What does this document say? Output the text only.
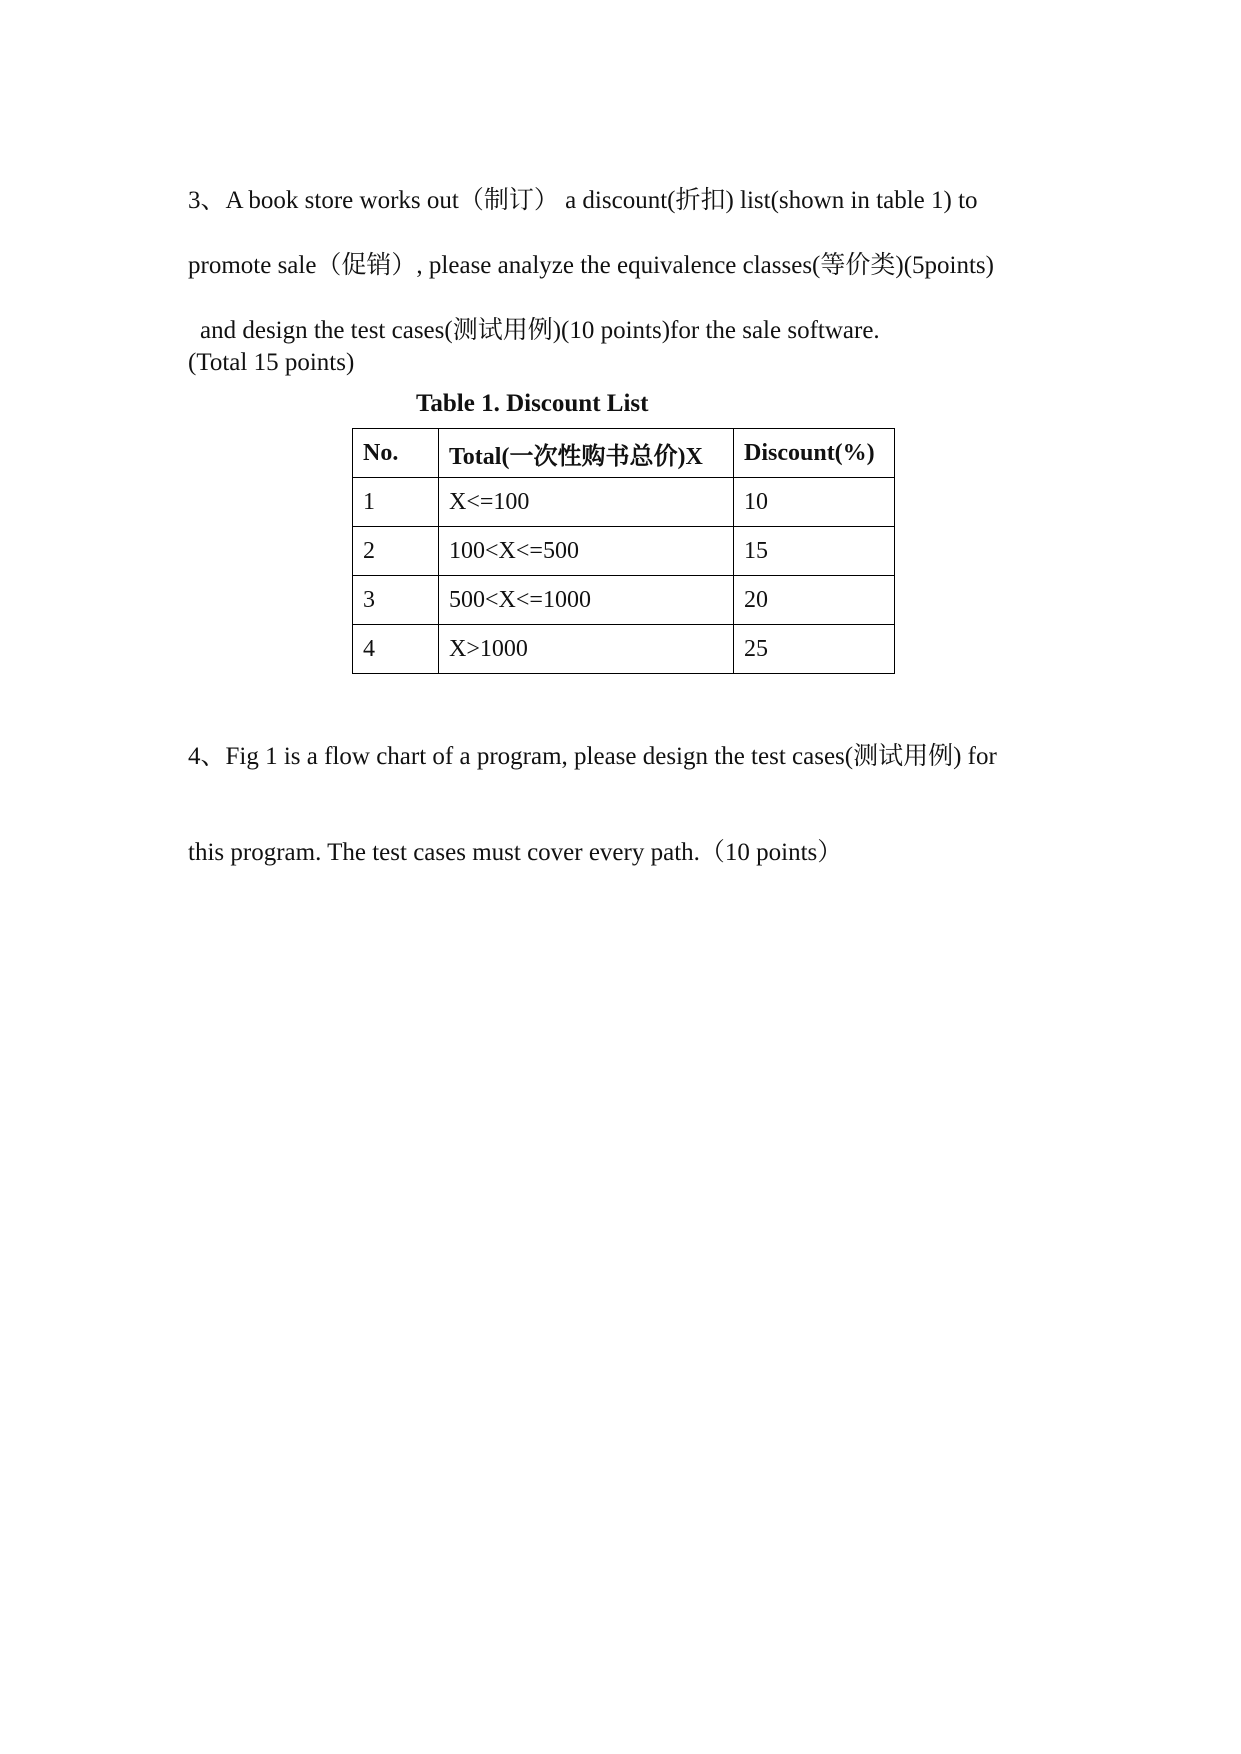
3、A book store works out（制订） a discount(折扣) list(shown in table 1) to
promote sale（促销）, please analyze the equivalence classes(等价类)(5points)
and design the test cases(测试用例)(10 points)for the sale software.
(Total 15 points)
Table 1. Discount List
No.	Total(一次性购书总价)X	Discount(%)
1	X<=100	10
2	100<X<=500	15
3	500<X<=1000	20
4	X>1000	25
4、Fig 1 is a flow chart of a program, please design the test cases(测试用例) for
this program. The test cases must cover every path.（10 points）
